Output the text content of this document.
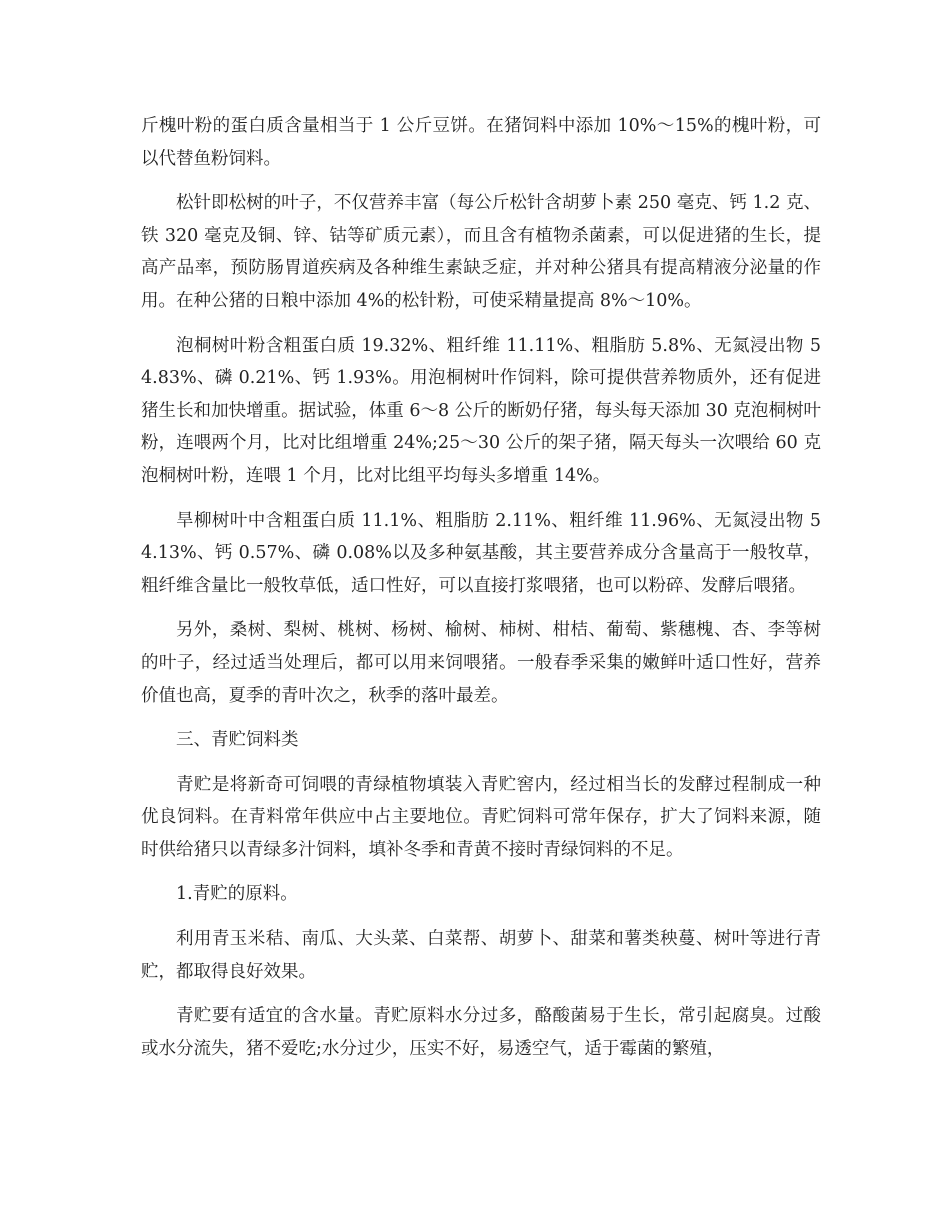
斤槐叶粉的蛋白质含量相当于 1 公斤豆饼。在猪饲料中添加 10%～15%的槐叶粉，可以代替鱼粉饲料。

松针即松树的叶子，不仅营养丰富（每公斤松针含胡萝卜素 250 毫克、钙 1.2 克、铁 320 毫克及铜、锌、钴等矿质元素），而且含有植物杀菌素，可以促进猪的生长，提高产品率，预防肠胃道疾病及各种维生素缺乏症，并对种公猪具有提高精液分泌量的作用。在种公猪的日粮中添加 4%的松针粉，可使采精量提高 8%～10%。

泡桐树叶粉含粗蛋白质 19.32%、粗纤维 11.11%、粗脂肪 5.8%、无氮浸出物 54.83%、磷 0.21%、钙 1.93%。用泡桐树叶作饲料，除可提供营养物质外，还有促进猪生长和加快增重。据试验，体重 6～8 公斤的断奶仔猪，每头每天添加 30 克泡桐树叶粉，连喂两个月，比对比组增重 24%;25～30 公斤的架子猪，隔天每头一次喂给 60 克泡桐树叶粉，连喂 1 个月，比对比组平均每头多增重 14%。

旱柳树叶中含粗蛋白质 11.1%、粗脂肪 2.11%、粗纤维 11.96%、无氮浸出物 54.13%、钙 0.57%、磷 0.08%以及多种氨基酸，其主要营养成分含量高于一般牧草，粗纤维含量比一般牧草低，适口性好，可以直接打浆喂猪，也可以粉碎、发酵后喂猪。

另外，桑树、梨树、桃树、杨树、榆树、柿树、柑桔、葡萄、紫穗槐、杏、李等树的叶子，经过适当处理后，都可以用来饲喂猪。一般春季采集的嫩鲜叶适口性好，营养价值也高，夏季的青叶次之，秋季的落叶最差。

三、青贮饲料类

青贮是将新奇可饲喂的青绿植物填装入青贮窖内，经过相当长的发酵过程制成一种优良饲料。在青料常年供应中占主要地位。青贮饲料可常年保存，扩大了饲料来源，随时供给猪只以青绿多汁饲料，填补冬季和青黄不接时青绿饲料的不足。

1.青贮的原料。

利用青玉米秸、南瓜、大头菜、白菜帮、胡萝卜、甜菜和薯类秧蔓、树叶等进行青贮，都取得良好效果。

青贮要有适宜的含水量。青贮原料水分过多，酪酸菌易于生长，常引起腐臭。过酸或水分流失，猪不爱吃;水分过少，压实不好，易透空气，适于霉菌的繁殖，
